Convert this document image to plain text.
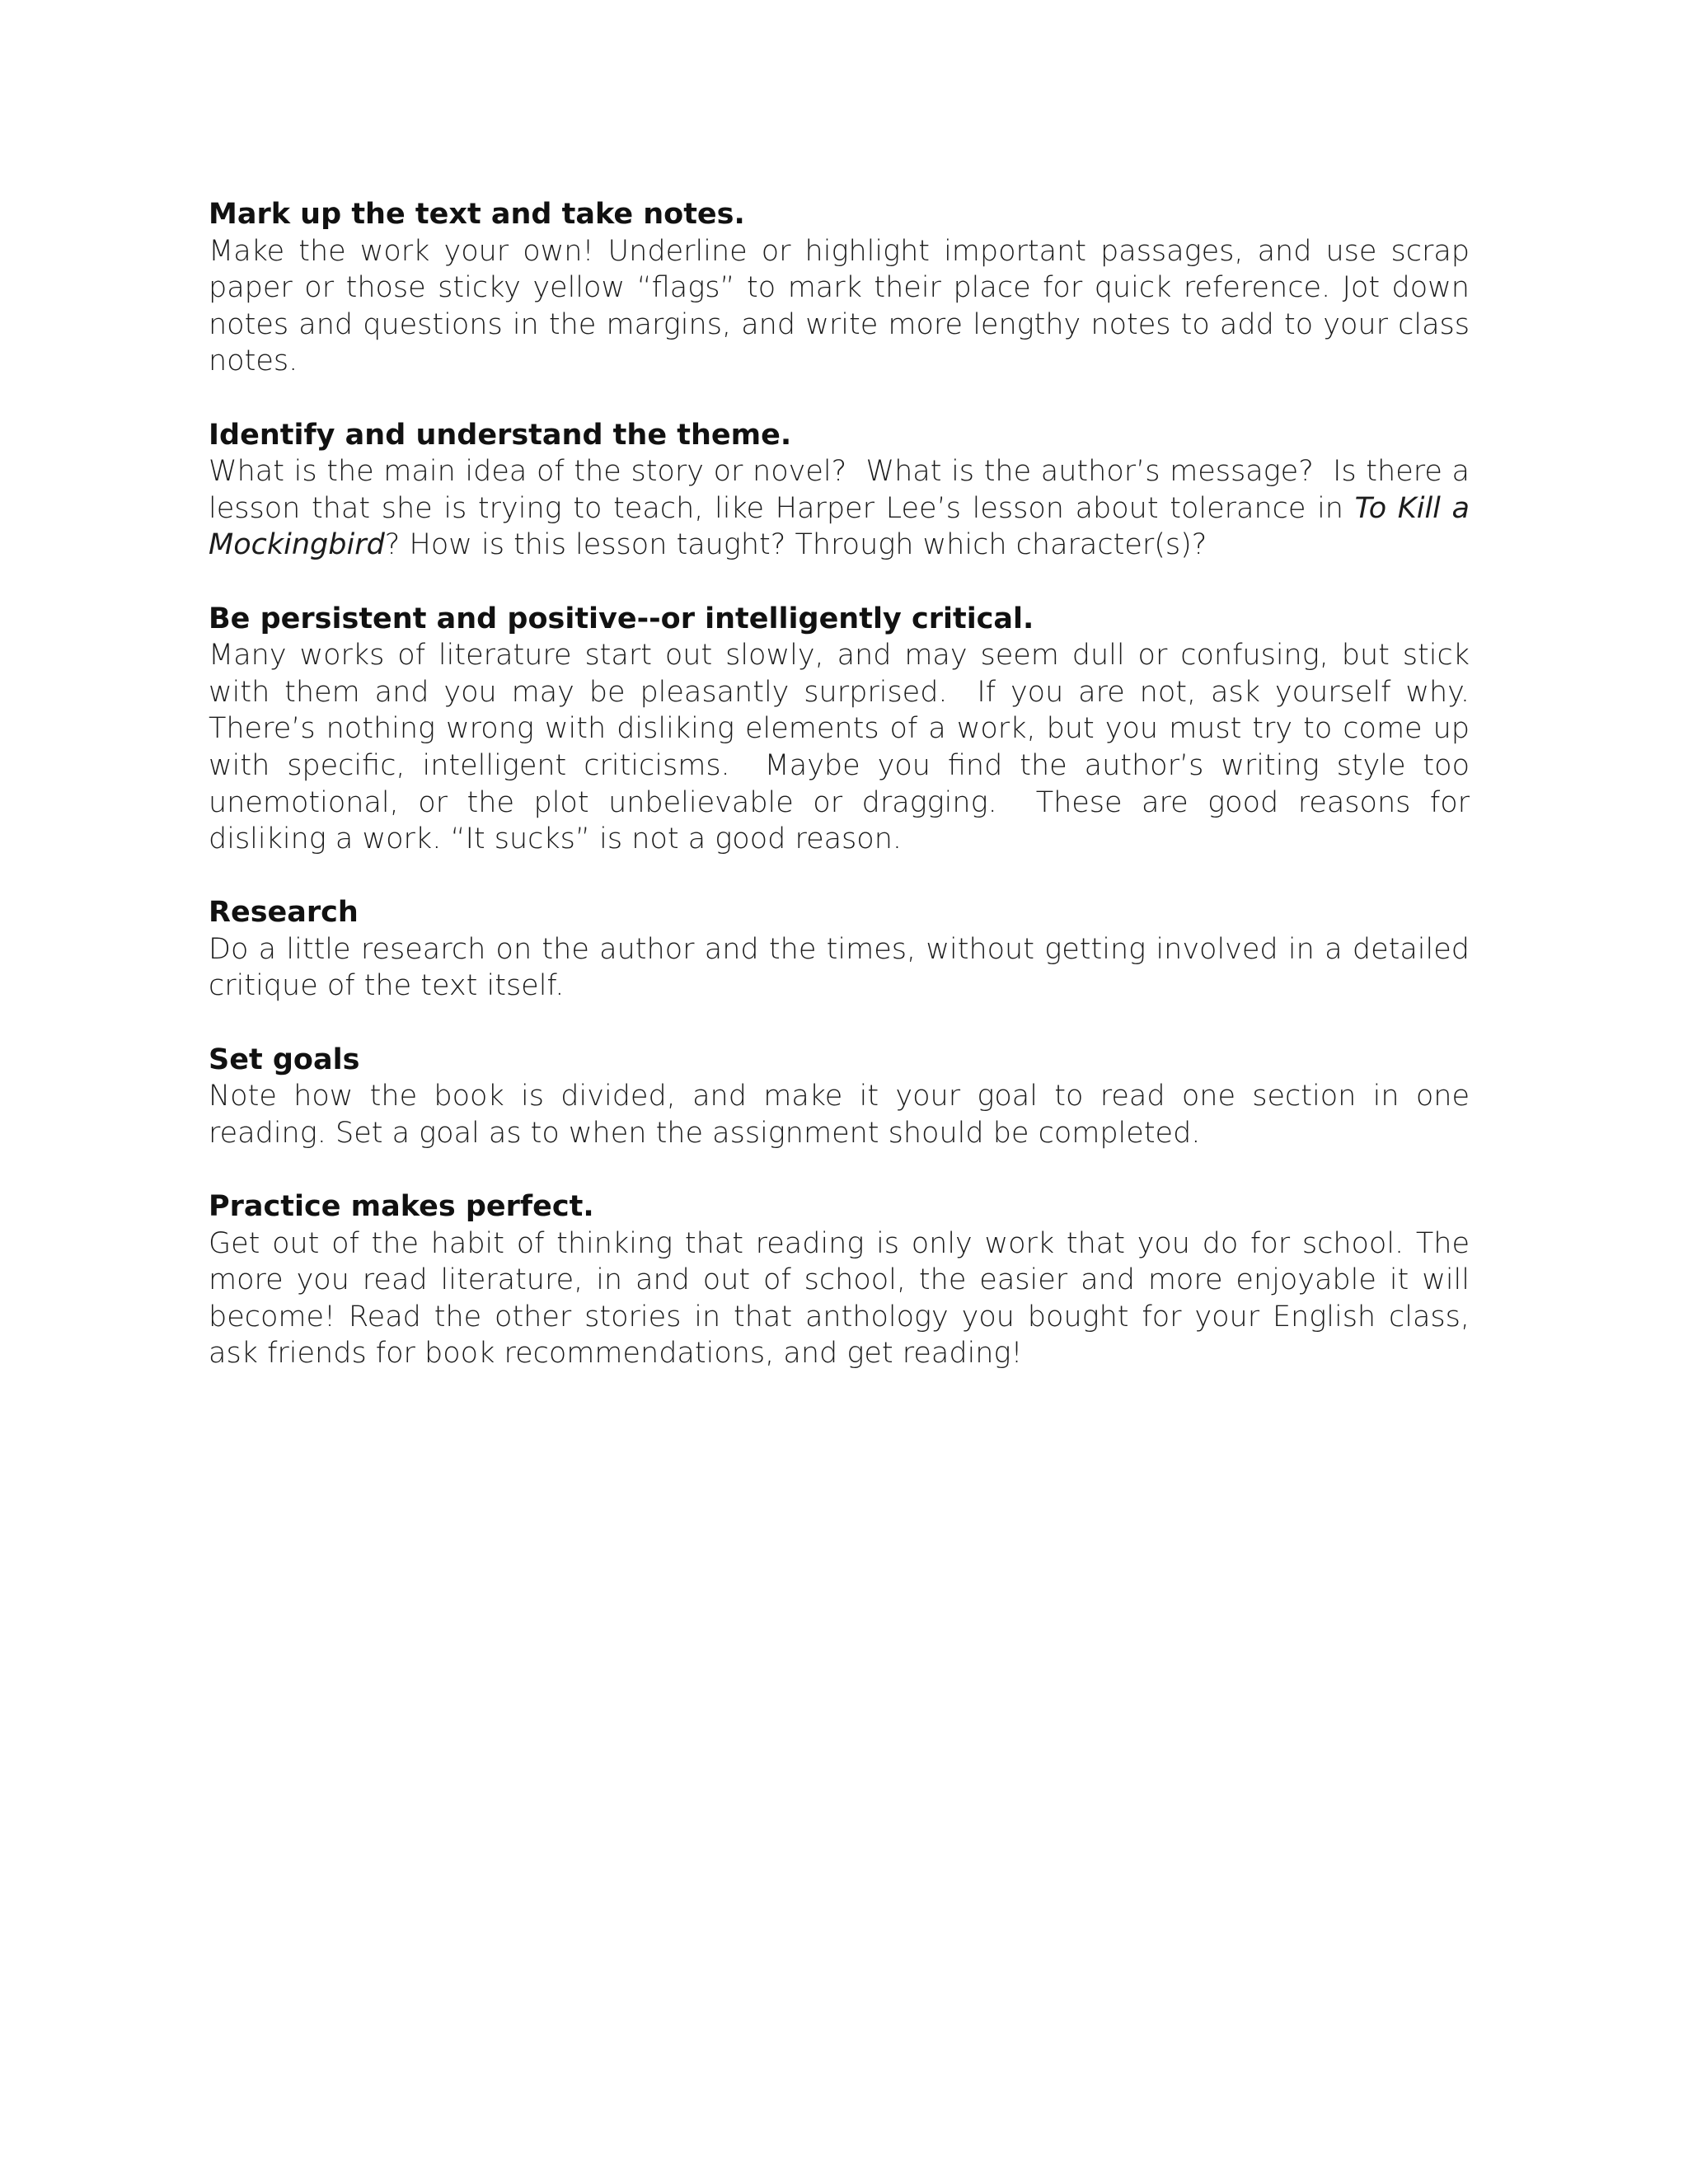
Mark up the text and take notes.

Make the work your own! Underline or highlight important passages, and use scrap paper or those sticky yellow “flags” to mark their place for quick reference. Jot down notes and questions in the margins, and write more lengthy notes to add to your class notes.

Identify and understand the theme.

What is the main idea of the story or novel?  What is the author’s message?  Is there a lesson that she is trying to teach, like Harper Lee’s lesson about tolerance in To Kill a Mockingbird? How is this lesson taught? Through which character(s)?

Be persistent and positive--or intelligently critical.

Many works of literature start out slowly, and may seem dull or confusing, but stick with them and you may be pleasantly surprised.  If you are not, ask yourself why. There’s nothing wrong with disliking elements of a work, but you must try to come up with specific, intelligent criticisms.  Maybe you find the author’s writing style too unemotional, or the plot unbelievable or dragging.  These are good reasons for disliking a work. “It sucks” is not a good reason.

Research

Do a little research on the author and the times, without getting involved in a detailed critique of the text itself.

Set goals

Note how the book is divided, and make it your goal to read one section in one reading. Set a goal as to when the assignment should be completed.

Practice makes perfect.

Get out of the habit of thinking that reading is only work that you do for school. The more you read literature, in and out of school, the easier and more enjoyable it will become! Read the other stories in that anthology you bought for your English class, ask friends for book recommendations, and get reading!
